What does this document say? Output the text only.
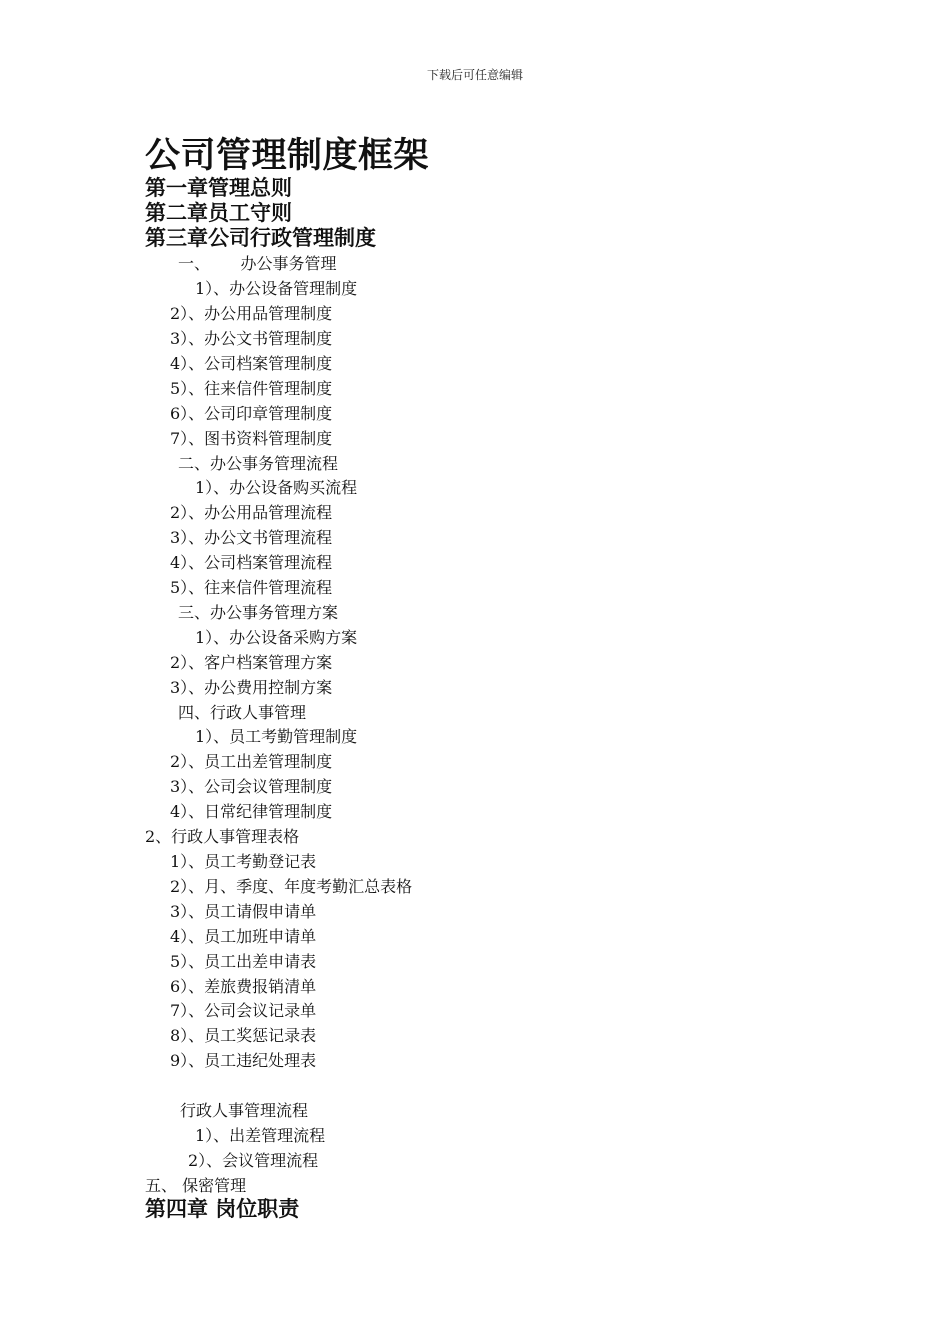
下载后可任意编辑
公司管理制度框架
第一章管理总则
第二章员工守则
第三章公司行政管理制度
一、      办公事务管理
1）、办公设备管理制度
2）、办公用品管理制度
3）、办公文书管理制度
4）、公司档案管理制度
5）、往来信件管理制度
6）、公司印章管理制度
7）、图书资料管理制度
二、办公事务管理流程
1）、办公设备购买流程
2）、办公用品管理流程
3）、办公文书管理流程
4）、公司档案管理流程
5）、往来信件管理流程
三、办公事务管理方案
1）、办公设备采购方案
2）、客户档案管理方案
3）、办公费用控制方案
四、行政人事管理
1）、员工考勤管理制度
2）、员工出差管理制度
3）、公司会议管理制度
4）、日常纪律管理制度
2、行政人事管理表格
1）、员工考勤登记表
2）、月、季度、年度考勤汇总表格
3）、员工请假申请单
4）、员工加班申请单
5）、员工出差申请表
6）、差旅费报销清单
7）、公司会议记录单
8）、员工奖惩记录表
9）、员工违纪处理表
行政人事管理流程
1）、出差管理流程
2）、会议管理流程
五、 保密管理
第四章 岗位职责
